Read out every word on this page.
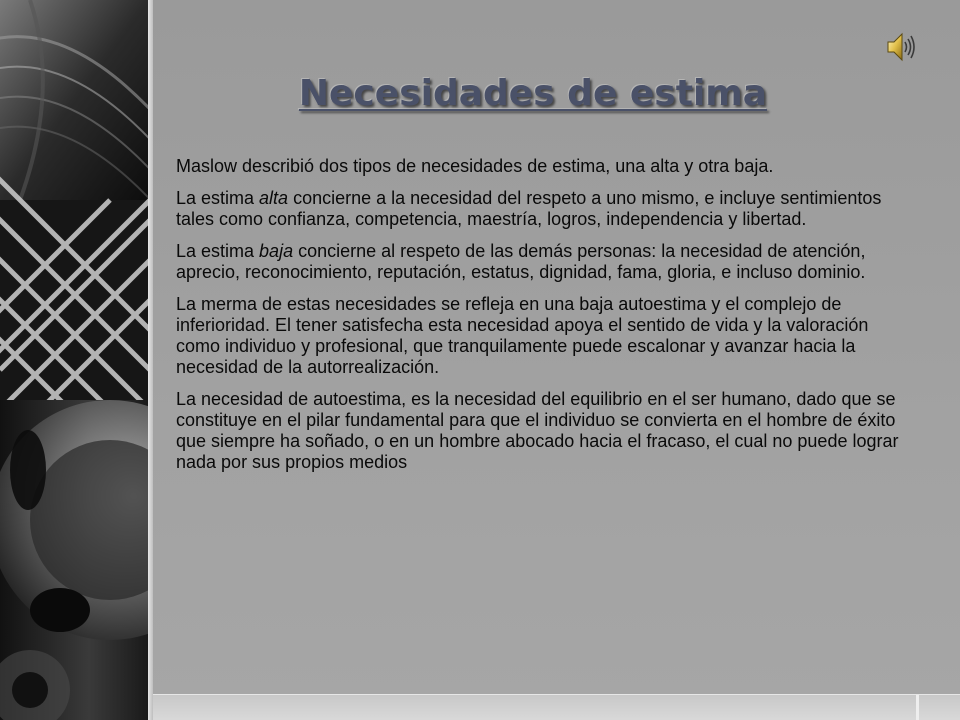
Necesidades de estima

Maslow describió dos tipos de necesidades de estima, una alta y otra baja.

La estima alta concierne a la necesidad del respeto a uno mismo, e incluye sentimientos tales como confianza, competencia, maestría, logros, independencia y libertad.

La estima baja concierne al respeto de las demás personas: la necesidad de atención, aprecio, reconocimiento, reputación, estatus, dignidad, fama, gloria, e incluso dominio.

La merma de estas necesidades se refleja en una baja autoestima y el complejo de inferioridad. El tener satisfecha esta necesidad apoya el sentido de vida y la valoración como individuo y profesional, que tranquilamente puede escalonar y avanzar hacia la necesidad de la autorrealización.

La necesidad de autoestima, es la necesidad del equilibrio en el ser humano, dado que se constituye en el pilar fundamental para que el individuo se convierta en el hombre de éxito que siempre ha soñado, o en un hombre abocado hacia el fracaso, el cual no puede lograr nada por sus propios medios
